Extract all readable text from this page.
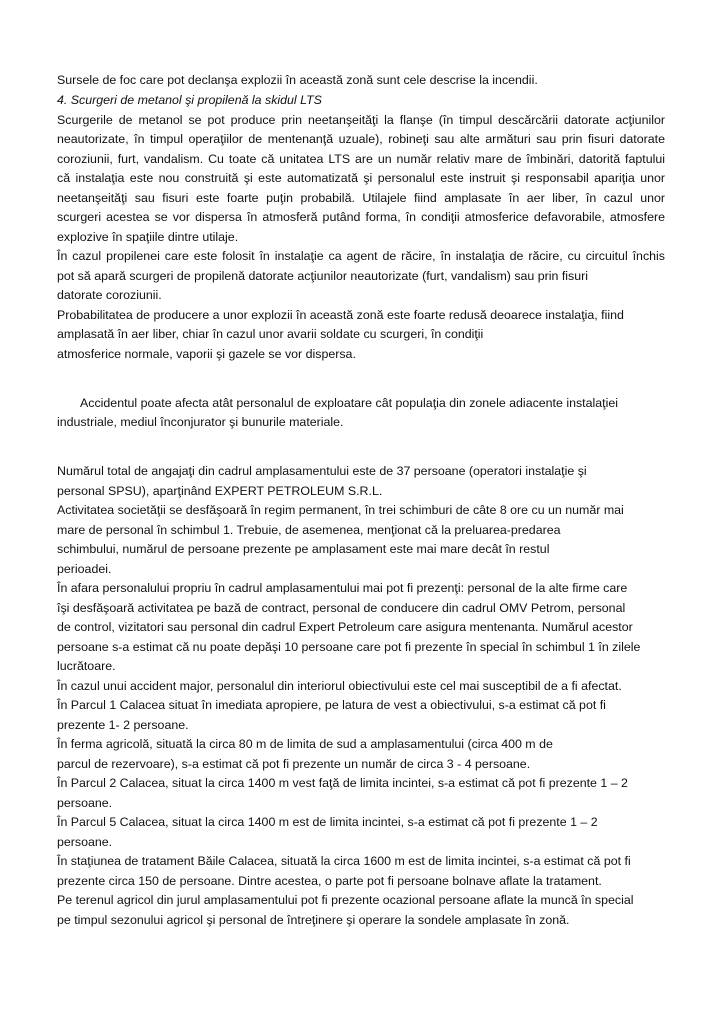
Sursele de foc care pot declanşa explozii în această zonă sunt cele descrise la incendii.
4. Scurgeri de metanol şi propilenă la skidul LTS
Scurgerile de metanol se pot produce prin neetanşeităţi la flanşe (în timpul descărcării datorate acţiunilor
neautorizate, în timpul operaţiilor de mentenanţă uzuale), robineţi sau alte armături sau prin fisuri datorate
coroziunii, furt, vandalism. Cu toate că unitatea LTS are un număr relativ mare de îmbinări, datorită faptului
că instalaţia este nou construită şi este automatizată şi personalul este instruit şi responsabil apariţia unor
neetanşeităţi sau fisuri este foarte puţin probabilă. Utilajele fiind amplasate în aer liber, în cazul unor
scurgeri acestea se vor dispersa în atmosferă putând forma, în condiţii atmosferice defavorabile, atmosfere
explozive în spaţiile dintre utilaje.
În cazul propilenei care este folosit în instalaţie ca agent de răcire, în instalaţia de răcire, cu circuitul închis
pot să apară scurgeri de propilenă datorate acţiunilor neautorizate (furt, vandalism) sau prin fisuri
datorate coroziunii.
Probabilitatea de producere a unor explozii în această zonă este foarte redusă deoarece instalaţia, fiind
amplasată în aer liber, chiar în cazul unor avarii soldate cu scurgeri, în condiţii
atmosferice normale, vaporii şi gazele se vor dispersa.
Accidentul poate afecta atât personalul de exploatare cât populaţia din zonele adiacente instalaţiei
industriale, mediul înconjurator şi bunurile materiale.
Numărul total de angajaţi din cadrul amplasamentului este de 37 persoane (operatori instalaţie şi
personal SPSU), aparţinând EXPERT PETROLEUM S.R.L.
Activitatea societăţii se desfăşoară în regim permanent, în trei schimburi de câte 8 ore cu un număr mai
mare de personal în schimbul 1. Trebuie, de asemenea, menţionat că la preluarea-predarea
schimbului, numărul de persoane prezente pe amplasament este mai mare decât în restul
perioadei.
În afara personalului propriu în cadrul amplasamentului mai pot fi prezenţi: personal de la alte firme care
îşi desfăşoară activitatea pe bază de contract, personal de conducere din cadrul OMV Petrom, personal
de control, vizitatori sau personal din cadrul Expert Petroleum care asigura mentenanta. Numărul acestor
persoane s-a estimat că nu poate depăşi 10 persoane care pot fi prezente în special în schimbul 1 în zilele
lucrătoare.
În cazul unui accident major, personalul din interiorul obiectivului este cel mai susceptibil de a fi afectat.
În Parcul 1 Calacea situat în imediata apropiere, pe latura de vest a obiectivului, s-a estimat că pot fi
prezente 1- 2 persoane.
În ferma agricolă, situată la circa 80 m de limita de sud a amplasamentului (circa 400 m de
parcul de rezervoare), s-a estimat că pot fi prezente un număr de circa 3 - 4 persoane.
În Parcul 2 Calacea, situat la circa 1400 m vest faţă de limita incintei, s-a estimat că pot fi prezente 1 – 2
persoane.
În Parcul 5 Calacea, situat la circa 1400 m est de limita incintei, s-a estimat că pot fi prezente 1 – 2
persoane.
În staţiunea de tratament Băile Calacea, situată la circa 1600 m est de limita incintei, s-a estimat că pot fi
prezente circa 150 de persoane. Dintre acestea, o parte pot fi persoane bolnave aflate la tratament.
Pe terenul agricol din jurul amplasamentului pot fi prezente ocazional persoane aflate la muncă în special
pe timpul sezonului agricol şi personal de întreţinere şi operare la sondele amplasate în zonă.
